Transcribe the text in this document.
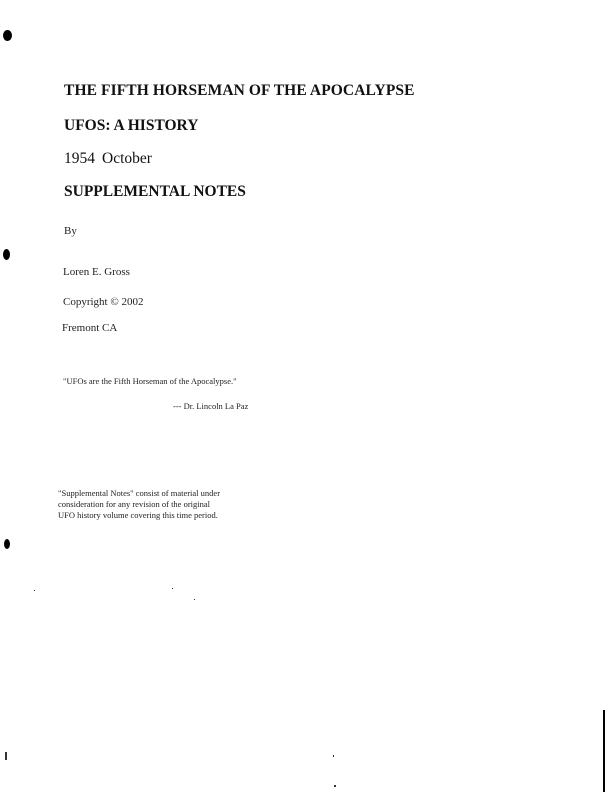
THE FIFTH HORSEMAN OF THE APOCALYPSE
UFOS: A HISTORY
1954 October
SUPPLEMENTAL NOTES
By
Loren E. Gross
Copyright © 2002
Fremont CA
"UFOs are the Fifth Horseman of the Apocalypse."
--- Dr. Lincoln La Paz
"Supplemental Notes" consist of material under
consideration for any revision of the original
UFO history volume covering this time period.
